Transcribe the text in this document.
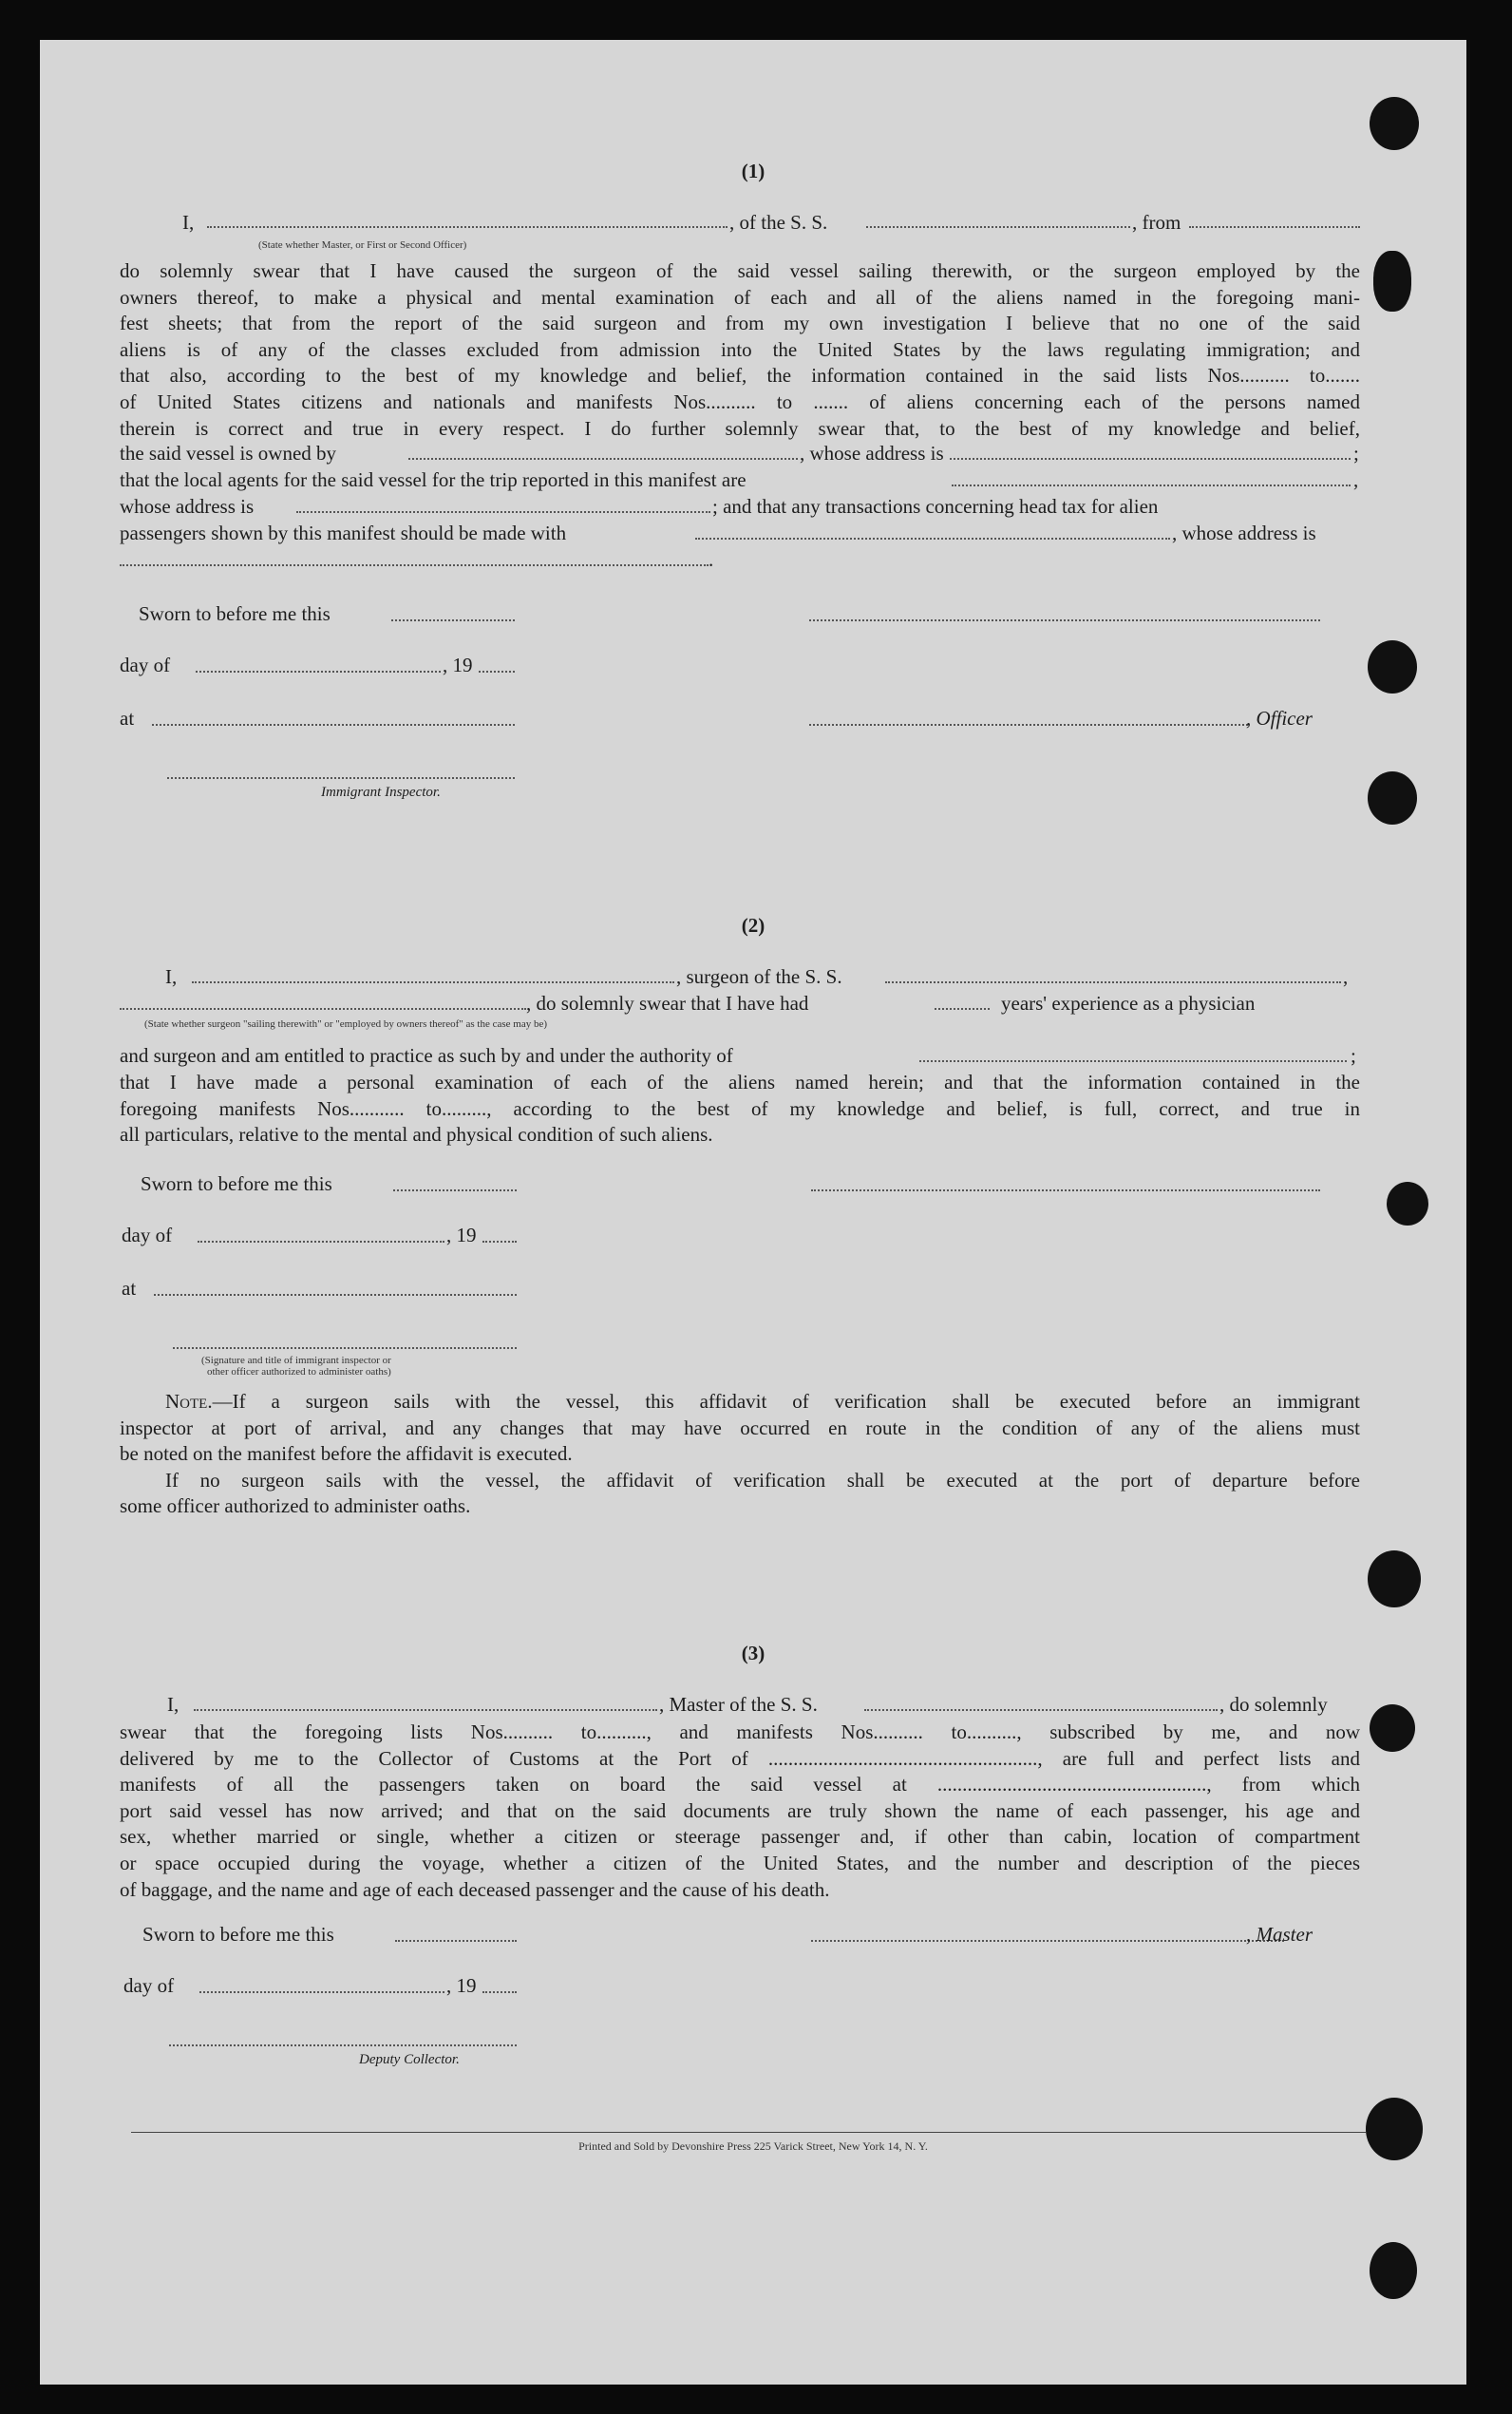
(1)
I,	, of the S. S.	, from
(State whether Master, or First or Second Officer)
do solemnly swear that I have caused the surgeon of the said vessel sailing therewith, or the surgeon employed by the
owners thereof, to make a physical and mental examination of each and all of the aliens named in the foregoing mani-
fest sheets; that from the report of the said surgeon and from my own investigation I believe that no one of the said
aliens is of any of the classes excluded from admission into the United States by the laws regulating immigration; and
that also, according to the best of my knowledge and belief, the information contained in the said lists Nos.......... to.......
of United States citizens and nationals and manifests Nos.......... to ....... of aliens concerning each of the persons named
therein is correct and true in every respect. I do further solemnly swear that, to the best of my knowledge and belief,
the said vessel is owned by	, whose address is	;
that the local agents for the said vessel for the trip reported in this manifest are	,
whose address is	; and that any transactions concerning head tax for alien
passengers shown by this manifest should be made with	, whose address is
.
Sworn to before me this
day of	, 19
at	, Officer
Immigrant Inspector.
(2)
I,	, surgeon of the S. S.	,
, do solemnly swear that I have had	years' experience as a physician
(State whether surgeon "sailing therewith" or "employed by owners thereof" as the case may be)
and surgeon and am entitled to practice as such by and under the authority of	;
that I have made a personal examination of each of the aliens named herein; and that the information contained in the
foregoing manifests Nos........... to........., according to the best of my knowledge and belief, is full, correct, and true in
all particulars, relative to the mental and physical condition of such aliens.
Sworn to before me this
day of	, 19
at
(Signature and title of immigrant inspector or
other officer authorized to administer oaths)
Note.—If a surgeon sails with the vessel, this affidavit of verification shall be executed before an immigrant
inspector at port of arrival, and any changes that may have occurred en route in the condition of any of the aliens must
be noted on the manifest before the affidavit is executed.
If no surgeon sails with the vessel, the affidavit of verification shall be executed at the port of departure before
some officer authorized to administer oaths.
(3)
I,	, Master of the S. S.	, do solemnly
swear that the foregoing lists Nos.......... to.........., and manifests Nos.......... to.........., subscribed by me, and now
delivered by me to the Collector of Customs at the Port of ......................................................, are full and perfect lists and
manifests of all the passengers taken on board the said vessel at ......................................................, from which
port said vessel has now arrived; and that on the said documents are truly shown the name of each passenger, his age and
sex, whether married or single, whether a citizen or steerage passenger and, if other than cabin, location of compartment
or space occupied during the voyage, whether a citizen of the United States, and the number and description of the pieces
of baggage, and the name and age of each deceased passenger and the cause of his death.
Sworn to before me this	, Master
day of	, 19
Deputy Collector.
Printed and Sold by Devonshire Press 225 Varick Street, New York 14, N. Y.
